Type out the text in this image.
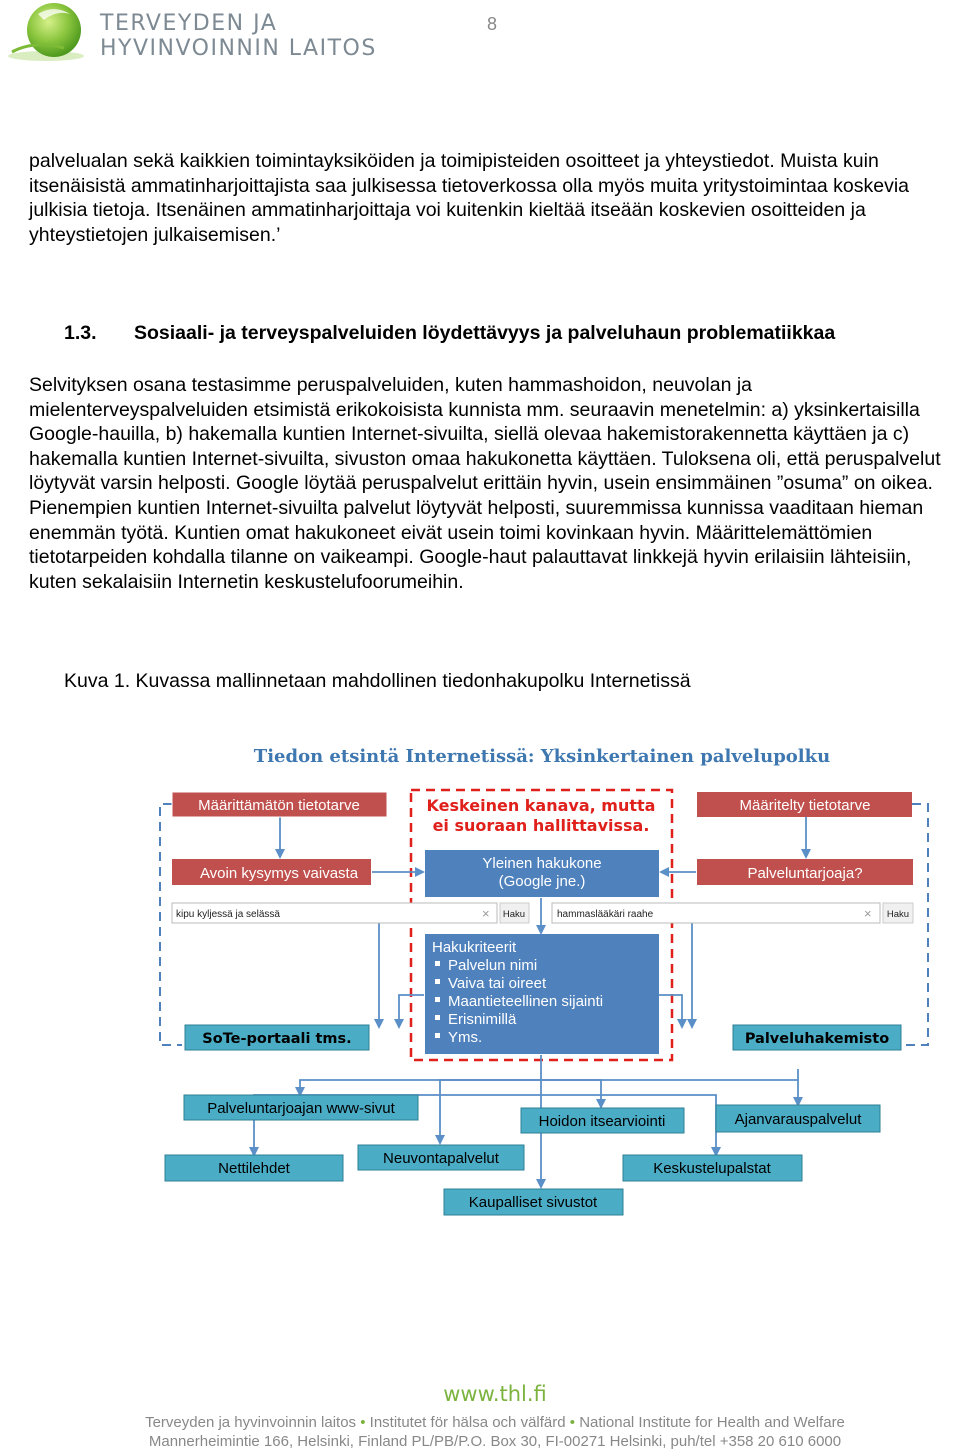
TERVEYDEN JA
HYVINVOINNIN LAITOS
8

palvelualan sekä kaikkien toimintayksiköiden ja toimipisteiden osoitteet ja yhteystiedot. Muista kuin itsenäisistä ammatinharjoittajista saa julkisessa tietoverkossa olla myös muita yritystoimintaa koskevia julkisia tietoja. Itsenäinen ammatinharjoittaja voi kuitenkin kieltää itseään koskevien osoitteiden ja yhteystietojen julkaisemisen.’

1.3. Sosiaali- ja terveyspalveluiden löydettävyys ja palveluhaun problematiikkaa

Selvityksen osana testasimme peruspalveluiden, kuten hammashoidon, neuvolan ja mielenterveyspalveluiden etsimistä erikokoisista kunnista mm. seuraavin menetelmin: a) yksinkertaisilla Google-hauilla, b) hakemalla kuntien Internet-sivuilta, siellä olevaa hakemistorakennetta käyttäen ja c) hakemalla kuntien Internet-sivuilta, sivuston omaa hakukonetta käyttäen. Tuloksena oli, että peruspalvelut löytyvät varsin helposti. Google löytää peruspalvelut erittäin hyvin, usein ensimmäinen ”osuma” on oikea. Pienempien kuntien Internet-sivuilta palvelut löytyvät helposti, suuremmissa kunnissa vaaditaan hieman enemmän työtä. Kuntien omat hakukoneet eivät usein toimi kovinkaan hyvin. Määrittelemättömien tietotarpeiden kohdalla tilanne on vaikeampi. Google-haut palauttavat linkkejä hyvin erilaisiin lähteisiin, kuten sekalaisiin Internetin keskustelufoorumeihin.

Kuva 1. Kuvassa mallinnetaan mahdollinen tiedonhakupolku Internetissä
Tiedon etsintä Internetissä: Yksinkertainen palvelupolku
Määrittämätön tietotarve
Avoin kysymys vaivasta
Määritelty tietotarve
Palveluntarjoaja?
Keskeinen kanava, mutta
ei suoraan hallittavissa.
Yleinen hakukone
(Google jne.)
kipu kyljessä ja selässä	× Haku	hammaslääkäri raahe	× Haku
Hakukriteerit
Palvelun nimi
Vaiva tai oireet
Maantieteellinen sijainti
Erisnimillä
Yms.
SoTe-portaali tms.	Palveluhakemisto
Palveluntarjoajan www-sivut
Hoidon itsearviointi	Ajanvarauspalvelut
Nettilehdet
Neuvontapalvelut
Keskustelupalstat
Kaupalliset sivustot
www.thl.fi
Terveyden ja hyvinvoinnin laitos • Institutet för hälsa och välfärd • National Institute for Health and Welfare
Mannerheimintie 166, Helsinki, Finland PL/PB/P.O. Box 30, FI-00271 Helsinki, puh/tel +358 20 610 6000
